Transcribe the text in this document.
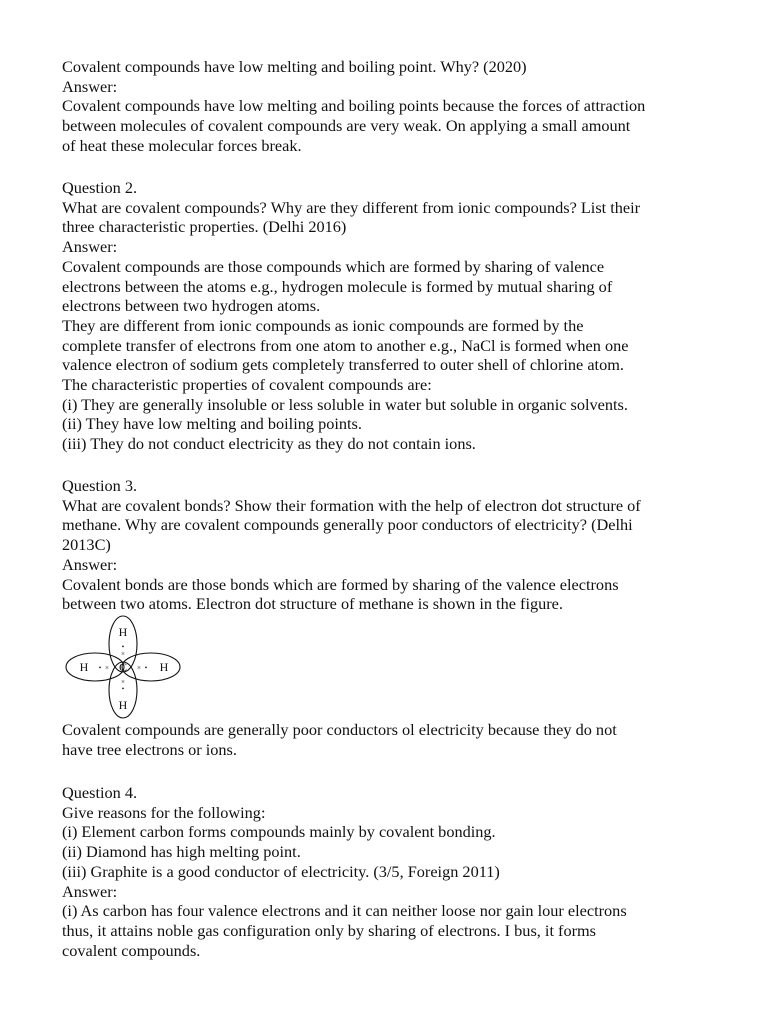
Covalent compounds have low melting and boiling point. Why? (2020)

Answer:

Covalent compounds have low melting and boiling points because the forces of attraction

between molecules of covalent compounds are very weak. On applying a small amount

of heat these molecular forces break.

Question 2.

What are covalent compounds? Why are they different from ionic compounds? List their

three characteristic properties. (Delhi 2016)

Answer:

Covalent compounds are those compounds which are formed by sharing of valence

electrons between the atoms e.g., hydrogen molecule is formed by mutual sharing of

electrons between two hydrogen atoms.

They are different from ionic compounds as ionic compounds are formed by the

complete transfer of electrons from one atom to another e.g., NaCl is formed when one

valence electron of sodium gets completely transferred to outer shell of chlorine atom.

The characteristic properties of covalent compounds are:

(i) They are generally insoluble or less soluble in water but soluble in organic solvents.

(ii) They have low melting and boiling points.

(iii) They do not conduct electricity as they do not contain ions.

Question 3.

What are covalent bonds? Show their formation with the help of electron dot structure of

methane. Why are covalent compounds generally poor conductors of electricity? (Delhi

2013C)

Answer:

Covalent bonds are those bonds which are formed by sharing of the valence electrons

between two atoms. Electron dot structure of methane is shown in the figure.

H
H	C	H
H
•
×
• ×	× •
×
•

Covalent compounds are generally poor conductors ol electricity because they do not

have tree electrons or ions.

Question 4.

Give reasons for the following:

(i) Element carbon forms compounds mainly by covalent bonding.

(ii) Diamond has high melting point.

(iii) Graphite is a good conductor of electricity. (3/5, Foreign 2011)

Answer:

(i) As carbon has four valence electrons and it can neither loose nor gain lour electrons

thus, it attains noble gas configuration only by sharing of electrons. I bus, it forms

covalent compounds.
